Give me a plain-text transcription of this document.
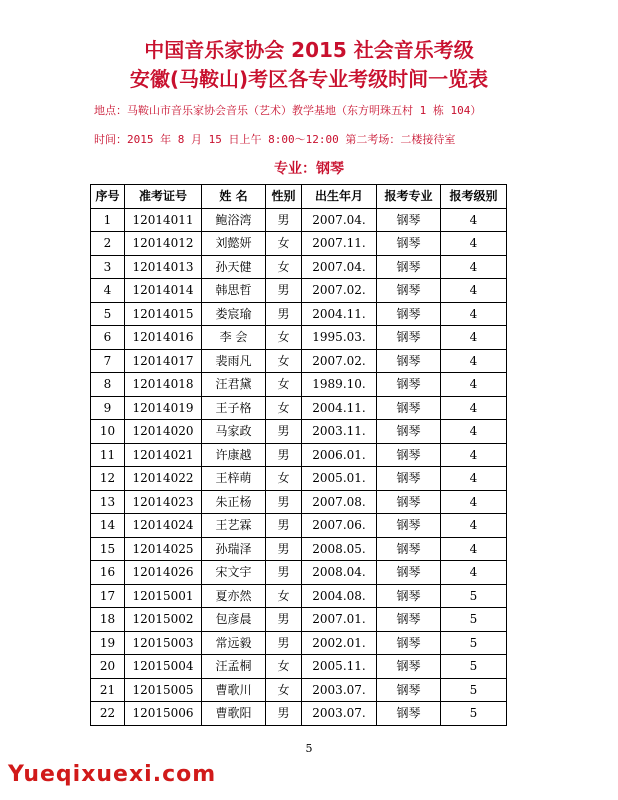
中国音乐家协会 2015 社会音乐考级
安徽(马鞍山)考区各专业考级时间一览表
地点：马鞍山市音乐家协会音乐（艺术）教学基地（东方明珠五村 1 栋 104）
时间：2015 年 8 月 15 日上午 8:00～12:00 第二考场：二楼接待室
专业：钢琴
序号	准考证号	姓 名	性别	出生年月	报考专业	报考级别
1	12014011	鲍浴湾	男	2007.04.	钢琴	4
2	12014012	刘懿妍	女	2007.11.	钢琴	4
3	12014013	孙天健	女	2007.04.	钢琴	4
4	12014014	韩思哲	男	2007.02.	钢琴	4
5	12014015	娄宸瑜	男	2004.11.	钢琴	4
6	12014016	李 会	女	1995.03.	钢琴	4
7	12014017	裴雨凡	女	2007.02.	钢琴	4
8	12014018	汪君黛	女	1989.10.	钢琴	4
9	12014019	王子格	女	2004.11.	钢琴	4
10	12014020	马家政	男	2003.11.	钢琴	4
11	12014021	许康越	男	2006.01.	钢琴	4
12	12014022	王梓萌	女	2005.01.	钢琴	4
13	12014023	朱正杨	男	2007.08.	钢琴	4
14	12014024	王艺霖	男	2007.06.	钢琴	4
15	12014025	孙瑞泽	男	2008.05.	钢琴	4
16	12014026	宋文宇	男	2008.04.	钢琴	4
17	12015001	夏亦然	女	2004.08.	钢琴	5
18	12015002	包彦晨	男	2007.01.	钢琴	5
19	12015003	常远毅	男	2002.01.	钢琴	5
20	12015004	汪孟桐	女	2005.11.	钢琴	5
21	12015005	曹歌川	女	2003.07.	钢琴	5
22	12015006	曹歌阳	男	2003.07.	钢琴	5
5
Yueqixuexi.com
